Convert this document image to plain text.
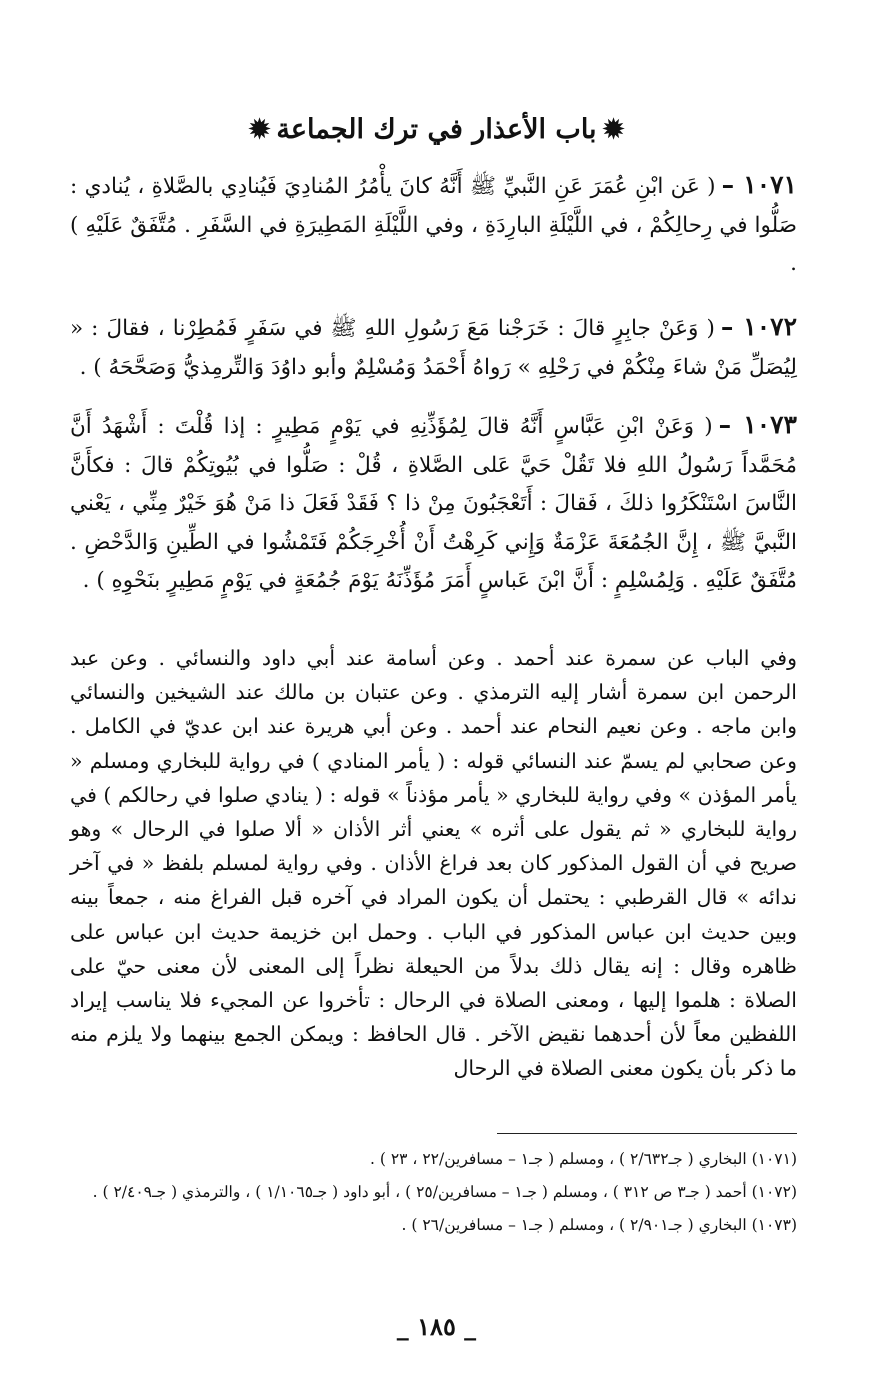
✹باب الأعذار في ترك الجماعة✹

١٠٧١ –( عَن ابْنِ عُمَرَ عَنِ النَّبيِّ ﷺ أَنَّهُ كانَ يأْمُرُ المُنادِيَ فَيُنادِي بالصَّلاةِ ، يُنادي : صَلُّوا في رِحالِكُمْ ، في اللَّيْلَةِ البارِدَةِ ، وفي اللَّيْلَةِ المَطِيرَةِ في السَّفَرِ . مُتَّفَقٌ عَلَيْهِ ) .

١٠٧٢ –( وَعَنْ جابِرٍ قالَ : خَرَجْنا مَعَ رَسُولِ اللهِ ﷺ في سَفَرٍ فَمُطِرْنا ، فقالَ : « لِيُصَلِّ مَنْ شاءَ مِنْكُمْ في رَحْلِهِ » رَواهُ أَحْمَدُ وَمُسْلِمٌ وأبو داوُدَ وَالتِّرمِذيُّ وَصَحَّحَهُ ) .

١٠٧٣ –( وَعَنْ ابْنِ عَبَّاسٍ أَنَّهُ قالَ لِمُؤَذِّنِهِ في يَوْمٍ مَطِيرٍ : إذا قُلْتَ : أَشْهَدُ أَنَّ مُحَمَّداً رَسُولُ اللهِ فلا تَقُلْ حَيَّ عَلى الصَّلاةِ ، قُلْ : صَلُّوا في بُيُوتِكُمْ قالَ : فكأَنَّ النَّاسَ اسْتَنْكَرُوا ذلكَ ، فَقالَ : أَتَعْجَبُونَ مِنْ ذا ؟ فَقَدْ فَعَلَ ذا مَنْ هُوَ خَيْرٌ مِنِّي ، يَعْني النَّبيَّ ﷺ ، إِنَّ الجُمُعَةَ عَزْمَةٌ وَإِني كَرِهْتُ أَنْ أُخْرِجَكُمْ فَتَمْشُوا في الطِّينِ وَالدَّحْضِ . مُتَّفَقٌ عَلَيْهِ . وَلِمُسْلِمٍ : أَنَّ ابْنَ عَباسٍ أَمَرَ مُؤَذِّنَهُ يَوْمَ جُمُعَةٍ في يَوْمٍ مَطِيرٍ بنَحْوِهِ ) .

وفي الباب عن سمرة عند أحمد . وعن أسامة عند أبي داود والنسائي . وعن عبد الرحمن ابن سمرة أشار إليه الترمذي . وعن عتبان بن مالك عند الشيخين والنسائي وابن ماجه . وعن نعيم النحام عند أحمد . وعن أبي هريرة عند ابن عديّ في الكامل . وعن صحابي لم يسمّ عند النسائي قوله : ( يأمر المنادي ) في رواية للبخاري ومسلم « يأمر المؤذن » وفي رواية للبخاري « يأمر مؤذناً » قوله : ( ينادي صلوا في رحالكم ) في رواية للبخاري « ثم يقول على أثره » يعني أثر الأذان « ألا صلوا في الرحال » وهو صريح في أن القول المذكور كان بعد فراغ الأذان . وفي رواية لمسلم بلفظ « في آخر ندائه » قال القرطبي : يحتمل أن يكون المراد في آخره قبل الفراغ منه ، جمعاً بينه وبين حديث ابن عباس المذكور في الباب . وحمل ابن خزيمة حديث ابن عباس على ظاهره وقال : إنه يقال ذلك بدلاً من الحيعلة نظراً إلى المعنى لأن معنى حيّ على الصلاة : هلموا إليها ، ومعنى الصلاة في الرحال : تأخروا عن المجيء فلا يناسب إيراد اللفظين معاً لأن أحدهما نقيض الآخر . قال الحافظ : ويمكن الجمع بينهما ولا يلزم منه ما ذكر بأن يكون معنى الصلاة في الرحال

(١٠٧١) البخاري ( جـ٢/٦٣٢ ) ، ومسلم ( جـ١ – مسافرين/٢٢ ، ٢٣ ) .

(١٠٧٢) أحمد ( جـ٣ ص ٣١٢ ) ، ومسلم ( جـ١ – مسافرين/٢٥ ) ، أبو داود ( جـ١/١٠٦٥ ) ، والترمذي ( جـ٢/٤٠٩ ) .

(١٠٧٣) البخاري ( جـ٢/٩٠١ ) ، ومسلم ( جـ١ – مسافرين/٢٦ ) .

_ ١٨٥ _
